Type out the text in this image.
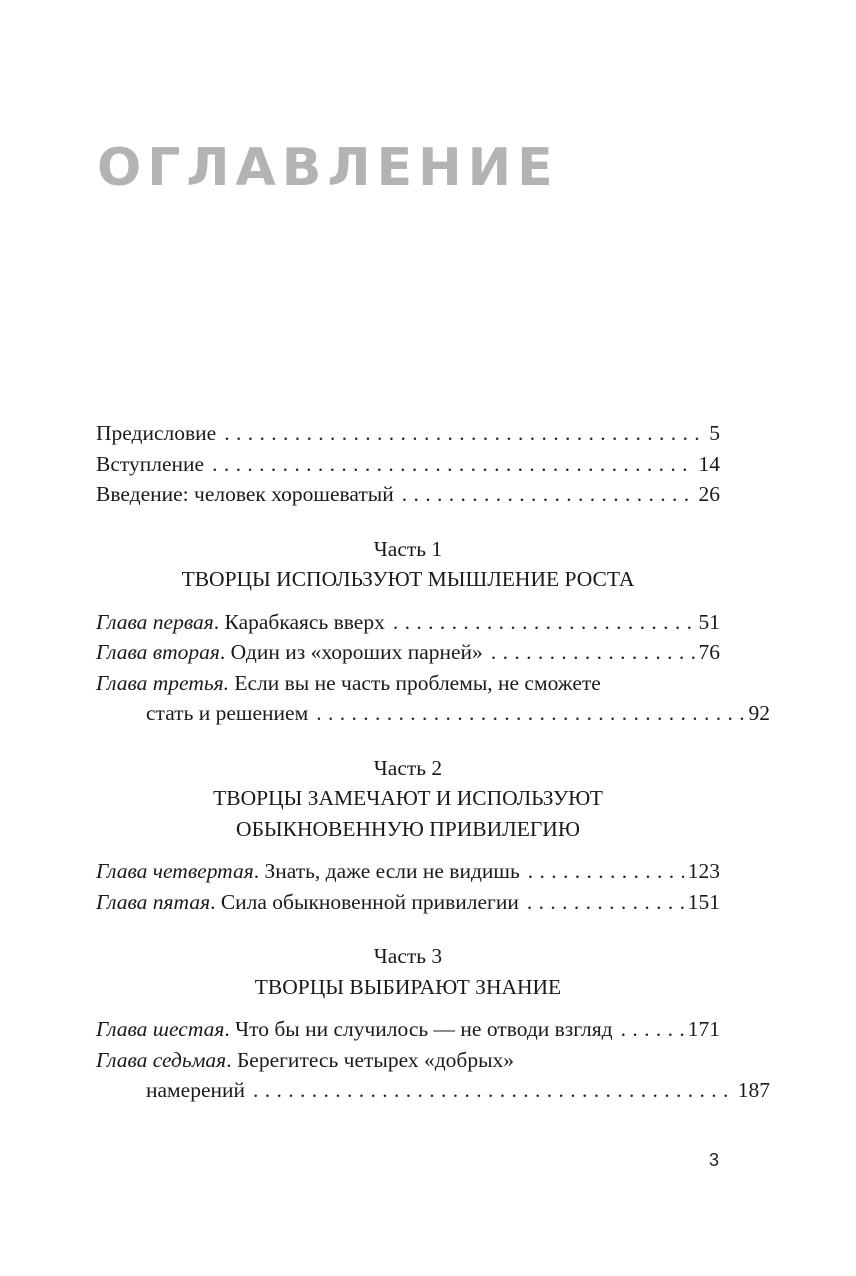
ОГЛАВЛЕНИЕ
Предисловие . . .	5
Вступление . . .	14
Введение: человек хорошеватый . . .	26
Часть 1
ТВОРЦЫ ИСПОЛЬЗУЮТ МЫШЛЕНИЕ РОСТА
Глава первая. Карабкаясь вверх . . .	51
Глава вторая. Один из «хороших парней» . . .	76
Глава третья. Если вы не часть проблемы, не сможете
стать и решением . . .	92
Часть 2
ТВОРЦЫ ЗАМЕЧАЮТ И ИСПОЛЬЗУЮТ
ОБЫКНОВЕННУЮ ПРИВИЛЕГИЮ
Глава четвертая. Знать, даже если не видишь . . .	123
Глава пятая. Сила обыкновенной привилегии . . .	151
Часть 3
ТВОРЦЫ ВЫБИРАЮТ ЗНАНИЕ
Глава шестая. Что бы ни случилось — не отводи взгляд . . .	171
Глава седьмая. Берегитесь четырех «добрых»
намерений . . .	187
3
